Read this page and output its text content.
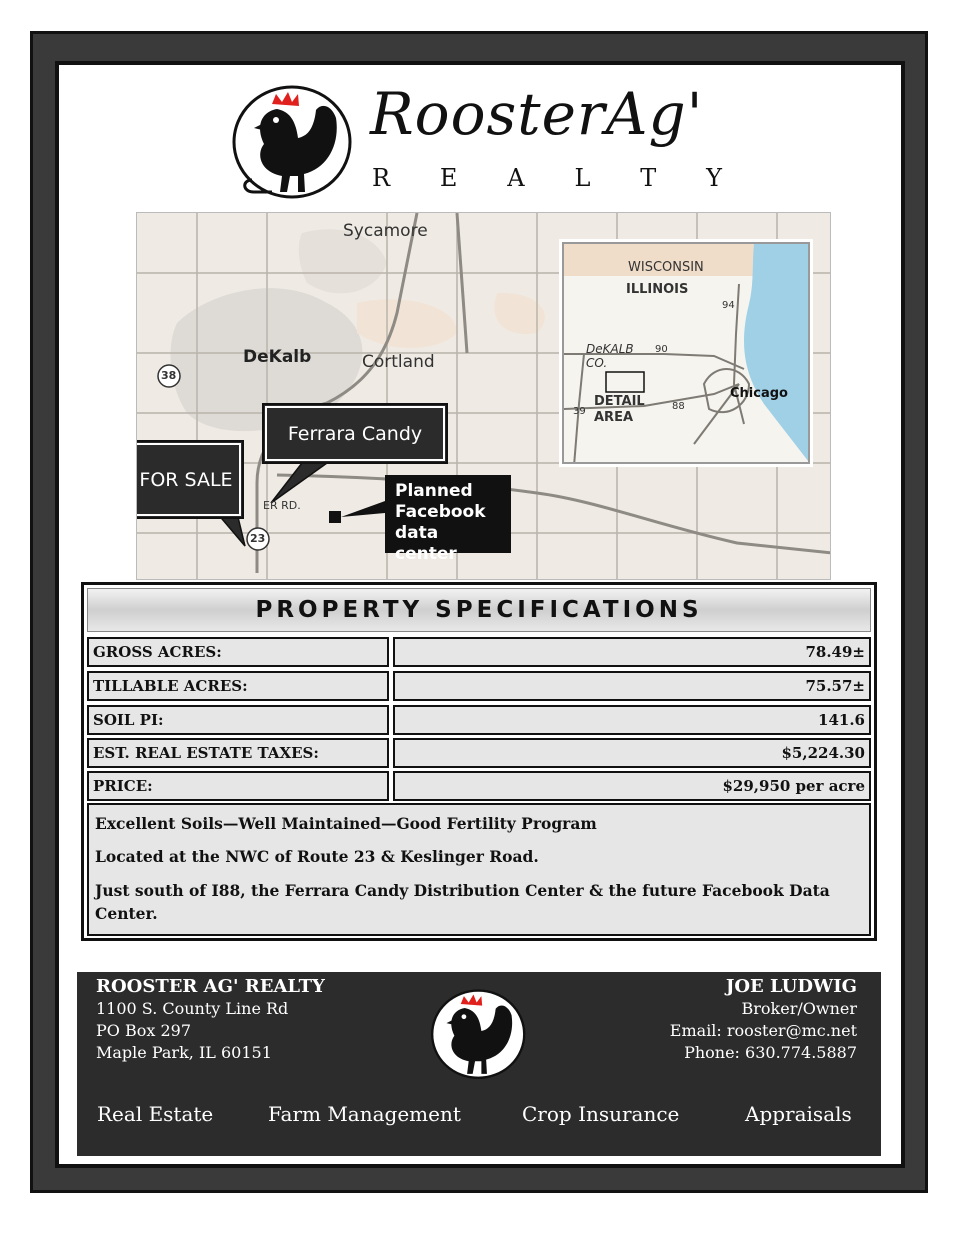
RoosterAg'
R E A L T Y
Sycamore
DeKalb	Cortland
38
23
ER RD.
FOR SALE
Ferrara Candy
Planned
Facebook
data center
WISCONSIN
ILLINOIS
DeKALB
CO.
DETAIL
AREA
Chicago
94
90
88
39
PROPERTY SPECIFICATIONS
GROSS ACRES:	78.49±
TILLABLE ACRES:	75.57±
SOIL PI:	141.6
EST. REAL ESTATE TAXES:	$5,224.30
PRICE:	$29,950 per acre

Excellent Soils—Well Maintained—Good Fertility Program

Located at the NWC of Route 23 & Keslinger Road.

Just south of I88, the Ferrara Candy Distribution Center & the future Facebook Data Center.

ROOSTER AG' REALTY
1100 S. County Line Rd
PO Box 297
Maple Park, IL 60151
JOE LUDWIG
Broker/Owner
Email: rooster@mc.net
Phone: 630.774.5887
Real Estate	Farm Management	Crop Insurance	Appraisals
